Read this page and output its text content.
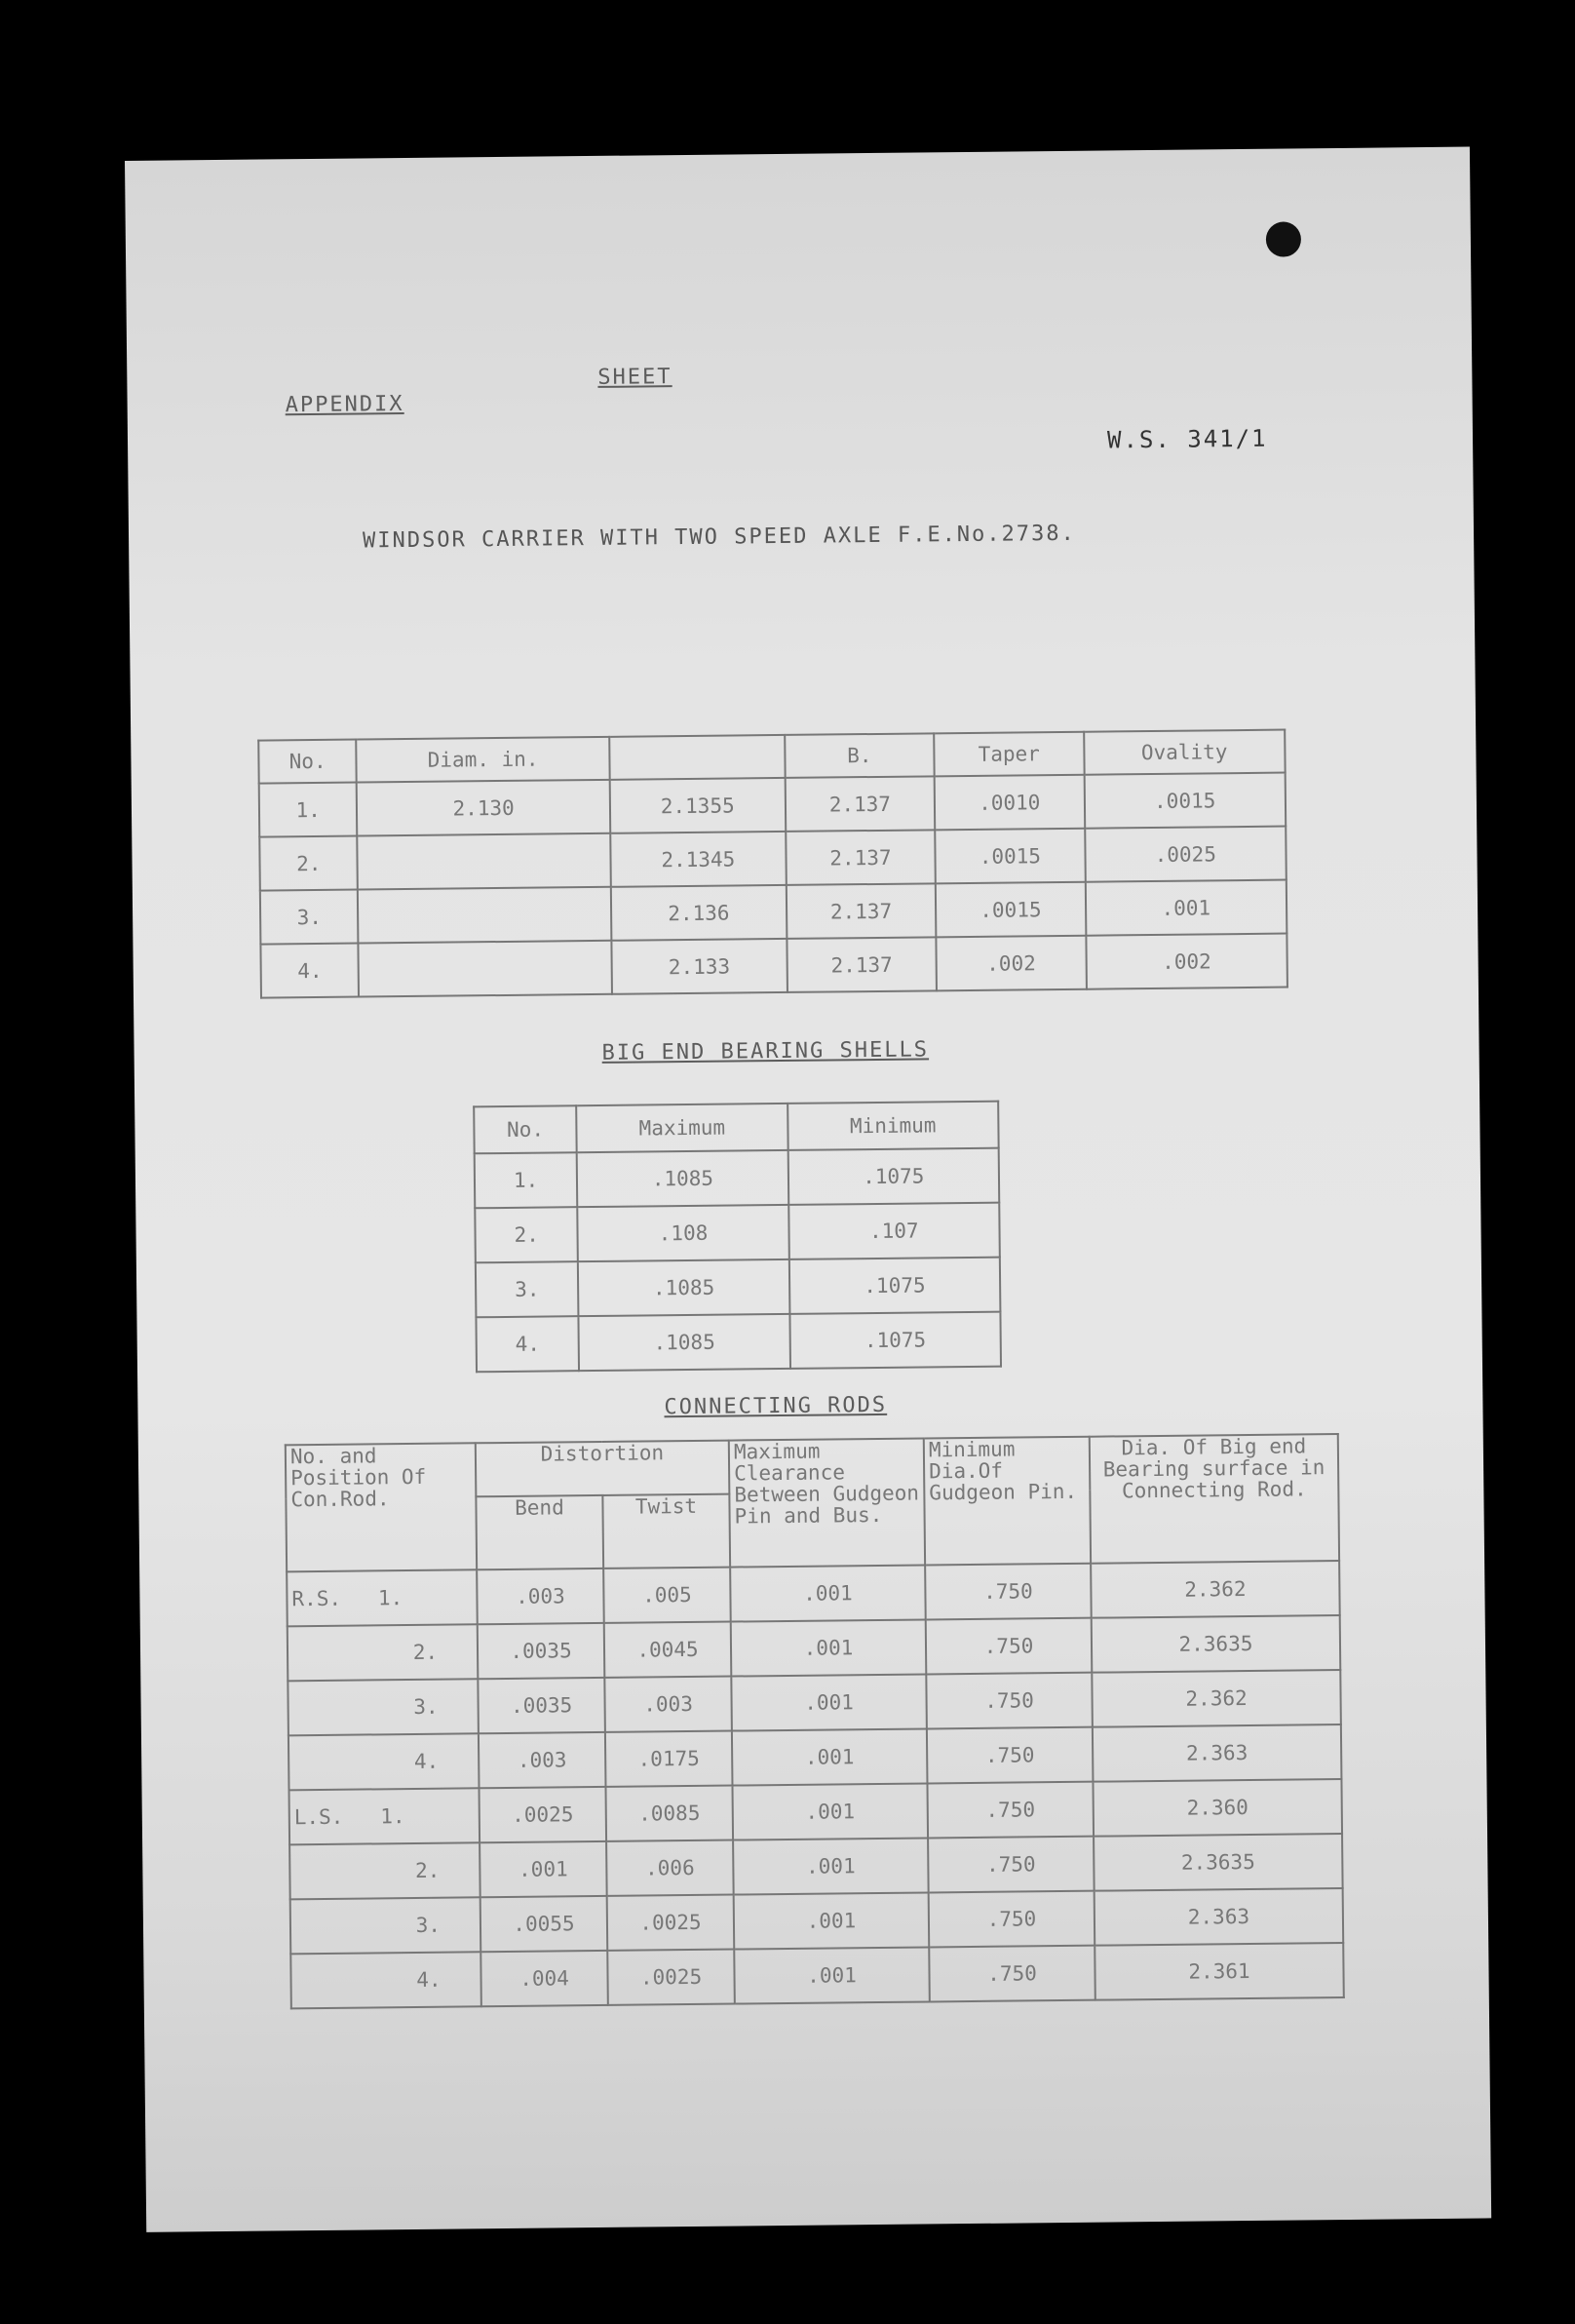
APPENDIX
SHEET
W.S. 341/1
WINDSOR CARRIER WITH TWO SPEED AXLE F.E.No.2738.
No.	Diam. in.		B.	Taper	Ovality
1.	2.130	2.1355	2.137	.0010	.0015
2.		2.1345	2.137	.0015	.0025
3.		2.136	2.137	.0015	.001
4.		2.133	2.137	.002	.002
BIG END BEARING SHELLS
No.	Maximum	Minimum
1.	.1085	.1075
2.	.108	.107
3.	.1085	.1075
4.	.1085	.1075
CONNECTING RODS
No. and Position Of Con.Rod.	Distortion		Maximum Clearance Between Gudgeon Pin and Bus.	Minimum Dia.Of Gudgeon Pin.	Dia. Of Big end Bearing surface in Connecting Rod.
	Bend	Twist			
R.S. 1.	.003	.005	.001	.750	2.362
2.	.0035	.0045	.001	.750	2.3635
3.	.0035	.003	.001	.750	2.362
4.	.003	.0175	.001	.750	2.363
L.S. 1.	.0025	.0085	.001	.750	2.360
2.	.001	.006	.001	.750	2.3635
3.	.0055	.0025	.001	.750	2.363
4.	.004	.0025	.001	.750	2.361
